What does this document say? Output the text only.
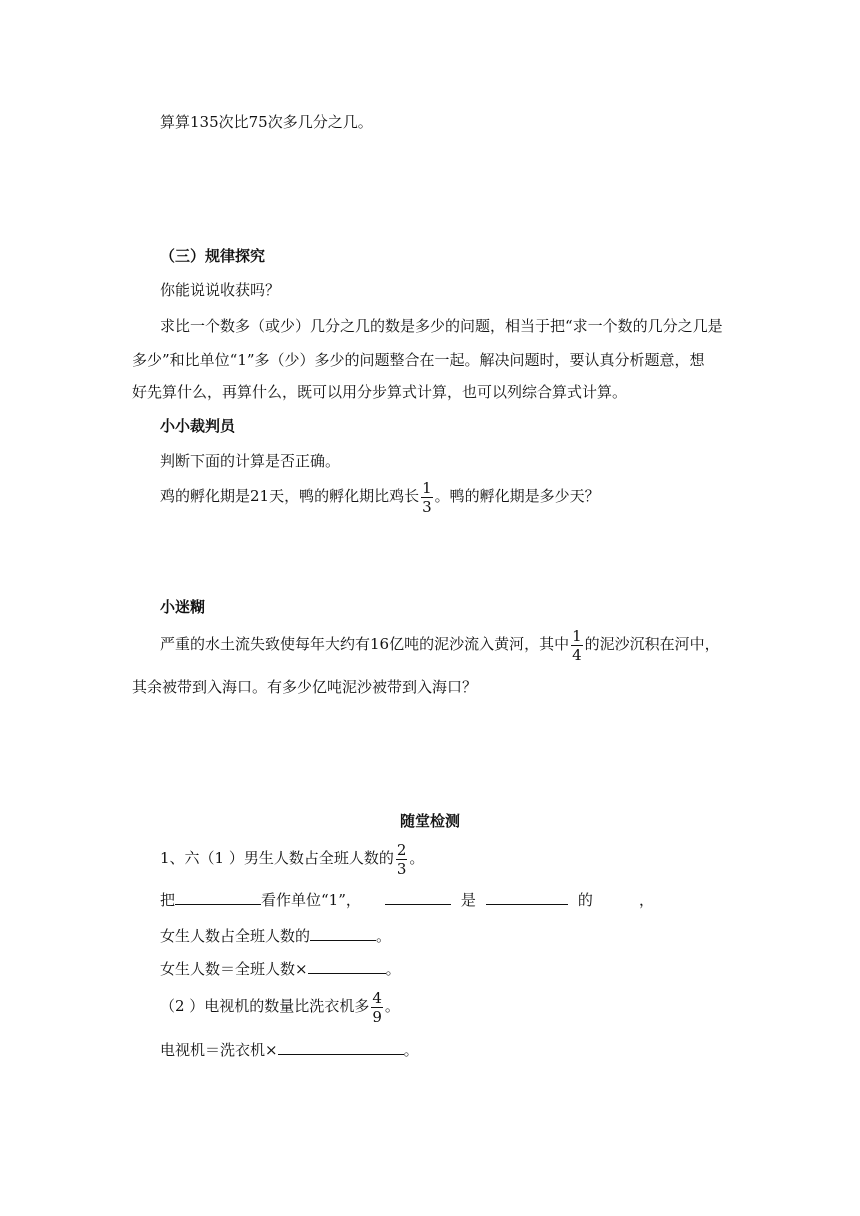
算算135次比75次多几分之几。
（三）规律探究
你能说说收获吗？
求比一个数多（或少）几分之几的数是多少的问题，相当于把“求一个数的几分之几是
多少”和比单位“1”多（少）多少的问题整合在一起。解决问题时，要认真分析题意，想
好先算什么，再算什么，既可以用分步算式计算，也可以列综合算式计算。
小小裁判员
判断下面的计算是否正确。
鸡的孵化期是21天，鸭的孵化期比鸡长 $\frac{1}{3}$ 。鸭的孵化期是多少天？
小迷糊
严重的水土流失致使每年大约有16亿吨的泥沙流入黄河，其中 $\frac{1}{4}$ 的泥沙沉积在河中，
其余被带到入海口。有多少亿吨泥沙被带到入海口？
随堂检测
1、六（1 ）男生人数占全班人数的 $\frac{2}{3}$ 。
把	看作单位“1”，	是	的	，
女生人数占全班人数的	。
女生人数＝全班人数×	。
（2 ）电视机的数量比洗衣机多 $\frac{4}{9}$ 。
电视机＝洗衣机×	。
